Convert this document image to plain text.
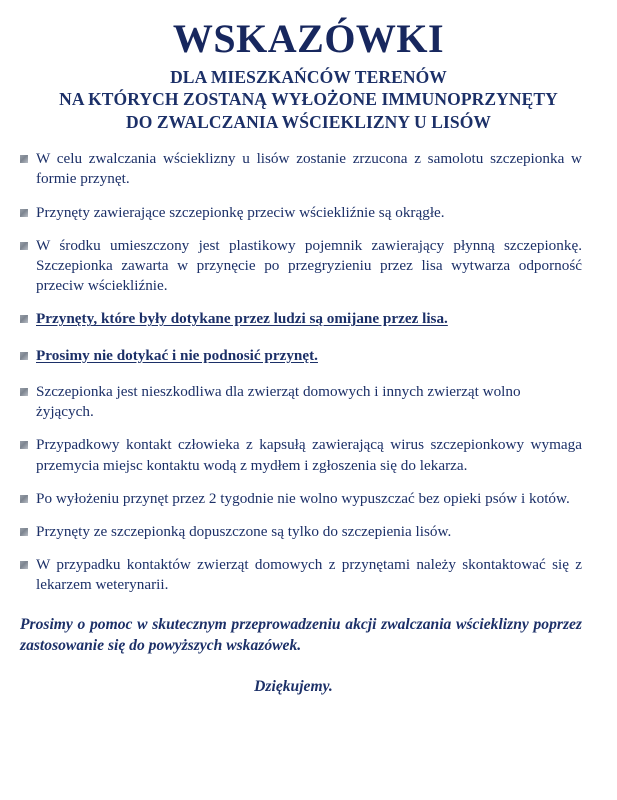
WSKAZÓWKI
DLA MIESZKAŃCÓW TERENÓW
NA KTÓRYCH ZOSTANĄ WYŁOŻONE IMMUNOPRZYNĘTY
DO ZWALCZANIA WŚCIEKLIZNY U LISÓW
W celu zwalczania wścieklizny u lisów zostanie zrzucona z samolotu szczepionka w formie przynęt.
Przynęty zawierające szczepionkę przeciw wściekliźnie są okrągłe.
W środku umieszczony jest plastikowy pojemnik zawierający płynną szczepionkę. Szczepionka zawarta w przynęcie po przegryzieniu przez lisa wytwarza odporność przeciw wściekliźnie.
Przynęty, które były dotykane przez ludzi są omijane przez lisa.
Prosimy nie dotykać i nie podnosić przynęt.
Szczepionka jest nieszkodliwa dla zwierząt domowych i innych zwierząt wolno żyjących.
Przypadkowy kontakt człowieka z kapsułą zawierającą wirus szczepionkowy wymaga przemycia miejsc kontaktu wodą z mydłem i zgłoszenia się do lekarza.
Po wyłożeniu przynęt przez 2 tygodnie nie wolno wypuszczać bez opieki psów i kotów.
Przynęty ze szczepionką dopuszczone są tylko do szczepienia lisów.
W przypadku kontaktów zwierząt domowych z przynętami należy skontaktować się z lekarzem weterynarii.
Prosimy o pomoc w skutecznym przeprowadzeniu akcji zwalczania wścieklizny poprzez zastosowanie się do powyższych wskazówek.
Dziękujemy.
